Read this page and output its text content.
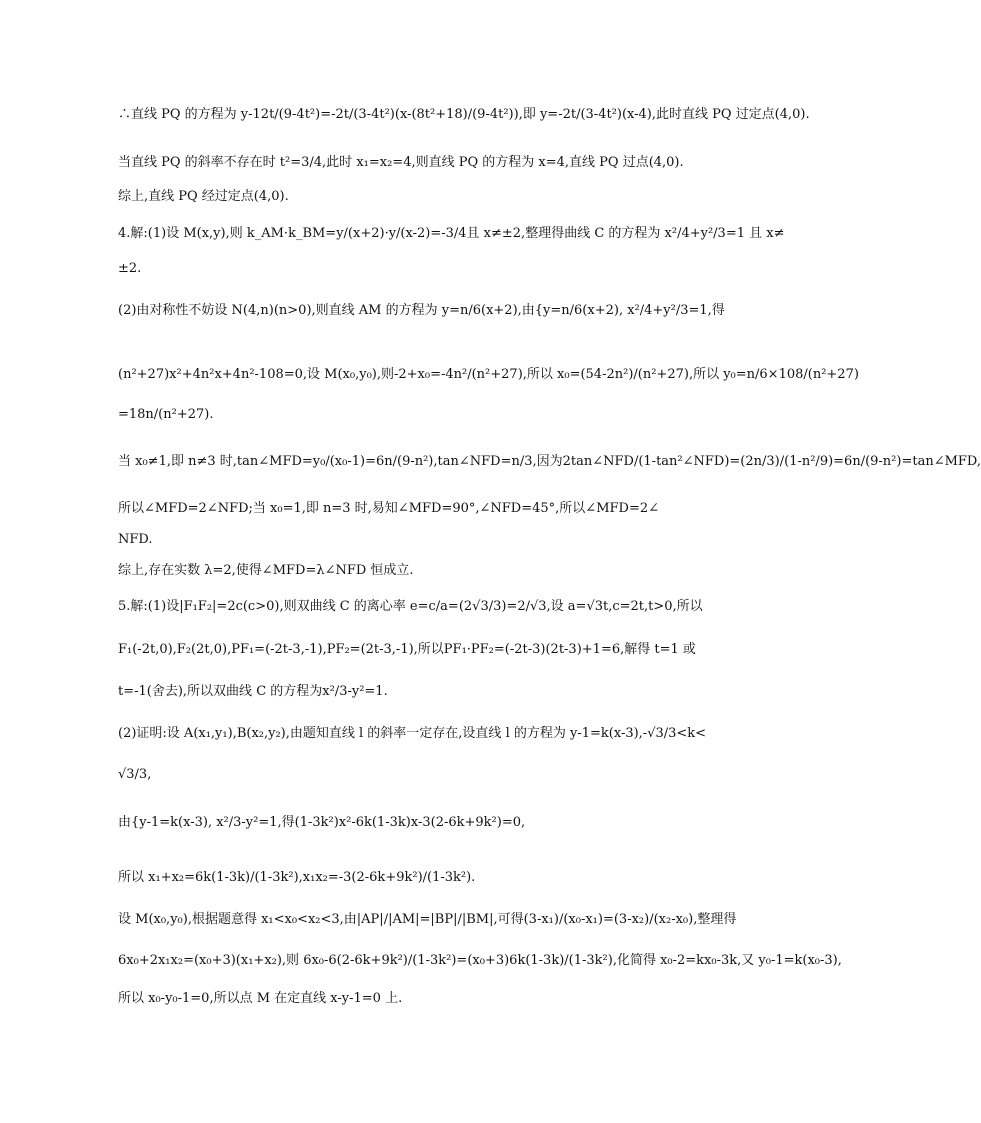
∴直线 PQ 的方程为 y-12t/(9-4t²)=-2t/(3-4t²)(x-(8t²+18)/(9-4t²)),即 y=-2t/(3-4t²)(x-4),此时直线 PQ 过定点(4,0).
当直线 PQ 的斜率不存在时 t²=3/4,此时 x₁=x₂=4,则直线 PQ 的方程为 x=4,直线 PQ 过点(4,0).
综上,直线 PQ 经过定点(4,0).
4.解:(1)设 M(x,y),则 k_AM·k_BM=y/(x+2)·y/(x-2)=-3/4且 x≠±2,整理得曲线 C 的方程为 x²/4+y²/3=1 且 x≠
±2.
(2)由对称性不妨设 N(4,n)(n>0),则直线 AM 的方程为 y=n/6(x+2),由{y=n/6(x+2), x²/4+y²/3=1,得
(n²+27)x²+4n²x+4n²-108=0,设 M(x₀,y₀),则-2+x₀=-4n²/(n²+27),所以 x₀=(54-2n²)/(n²+27),所以 y₀=n/6×108/(n²+27)
=18n/(n²+27).
当 x₀≠1,即 n≠3 时,tan∠MFD=y₀/(x₀-1)=6n/(9-n²),tan∠NFD=n/3,因为2tan∠NFD/(1-tan²∠NFD)=(2n/3)/(1-n²/9)=6n/(9-n²)=tan∠MFD,
所以∠MFD=2∠NFD;当 x₀=1,即 n=3 时,易知∠MFD=90°,∠NFD=45°,所以∠MFD=2∠
NFD.
综上,存在实数 λ=2,使得∠MFD=λ∠NFD 恒成立.
5.解:(1)设|F₁F₂|=2c(c>0),则双曲线 C 的离心率 e=c/a=(2√3/3)=2/√3,设 a=√3t,c=2t,t>0,所以
F₁(-2t,0),F₂(2t,0),PF₁=(-2t-3,-1),PF₂=(2t-3,-1),所以PF₁·PF₂=(-2t-3)(2t-3)+1=6,解得 t=1 或
t=-1(舍去),所以双曲线 C 的方程为x²/3-y²=1.
(2)证明:设 A(x₁,y₁),B(x₂,y₂),由题知直线 l 的斜率一定存在,设直线 l 的方程为 y-1=k(x-3),-√3/3<k<
√3/3,
由{y-1=k(x-3), x²/3-y²=1,得(1-3k²)x²-6k(1-3k)x-3(2-6k+9k²)=0,
所以 x₁+x₂=6k(1-3k)/(1-3k²),x₁x₂=-3(2-6k+9k²)/(1-3k²).
设 M(x₀,y₀),根据题意得 x₁<x₀<x₂<3,由|AP|/|AM|=|BP|/|BM|,可得(3-x₁)/(x₀-x₁)=(3-x₂)/(x₂-x₀),整理得
6x₀+2x₁x₂=(x₀+3)(x₁+x₂),则 6x₀-6(2-6k+9k²)/(1-3k²)=(x₀+3)6k(1-3k)/(1-3k²),化简得 x₀-2=kx₀-3k,又 y₀-1=k(x₀-3),
所以 x₀-y₀-1=0,所以点 M 在定直线 x-y-1=0 上.
